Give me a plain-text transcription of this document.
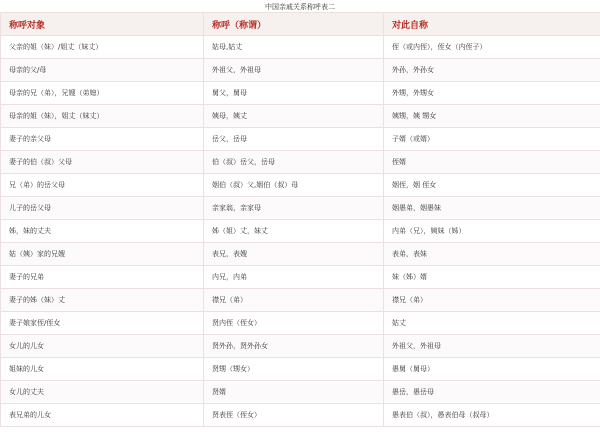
中国亲戚关系称呼表二
称呼对象	称呼（称谓）	对此自称
父亲的姐（妹）/姐丈（妹丈）	姑母,姑丈	侄（或内侄），侄女（内侄子）
母亲的父/母	外祖父，外祖母	外孙，外孙女
母亲的兄（弟），兄嫂（弟媳）	舅父，舅母	外甥，外甥女
母亲的姐（妹），姐丈（妹丈）	姨母，姨丈	姨甥，姨 甥女
妻子的亲父母	岳父，岳母	子婿（或婿）
妻子的伯（叔）父母	伯（叔）岳父，岳母	侄婿
兄（弟）的岳父母	姻伯（叔）父,姻伯（叔）母	姻侄，姻 侄女
儿子的岳父母	亲家翁，亲家母	姻愚弟，姻愚妹
姊，妹的丈夫	姊（姐）丈，妹丈	内弟（兄），姨妹（姊）
姑（姨）家的兄嫂	表兄，表嫂	表弟，表妹
妻子的兄弟	内兄，内弟	妹（姊）婿
妻子的姊（妹）丈	襟兄（弟）	襟兄（弟）
妻子娘家侄/侄女	贤内侄（侄女）	姑丈
女儿的儿女	贤外孙，贤外孙女	外祖父，外祖母
姐妹的儿女	贤甥（甥女）	愚舅（舅母）
女儿的丈夫	贤婿	愚岳，愚岳母
表兄弟的儿女	贤表侄（侄女）	愚表伯（叔），愚表伯母（叔母）
